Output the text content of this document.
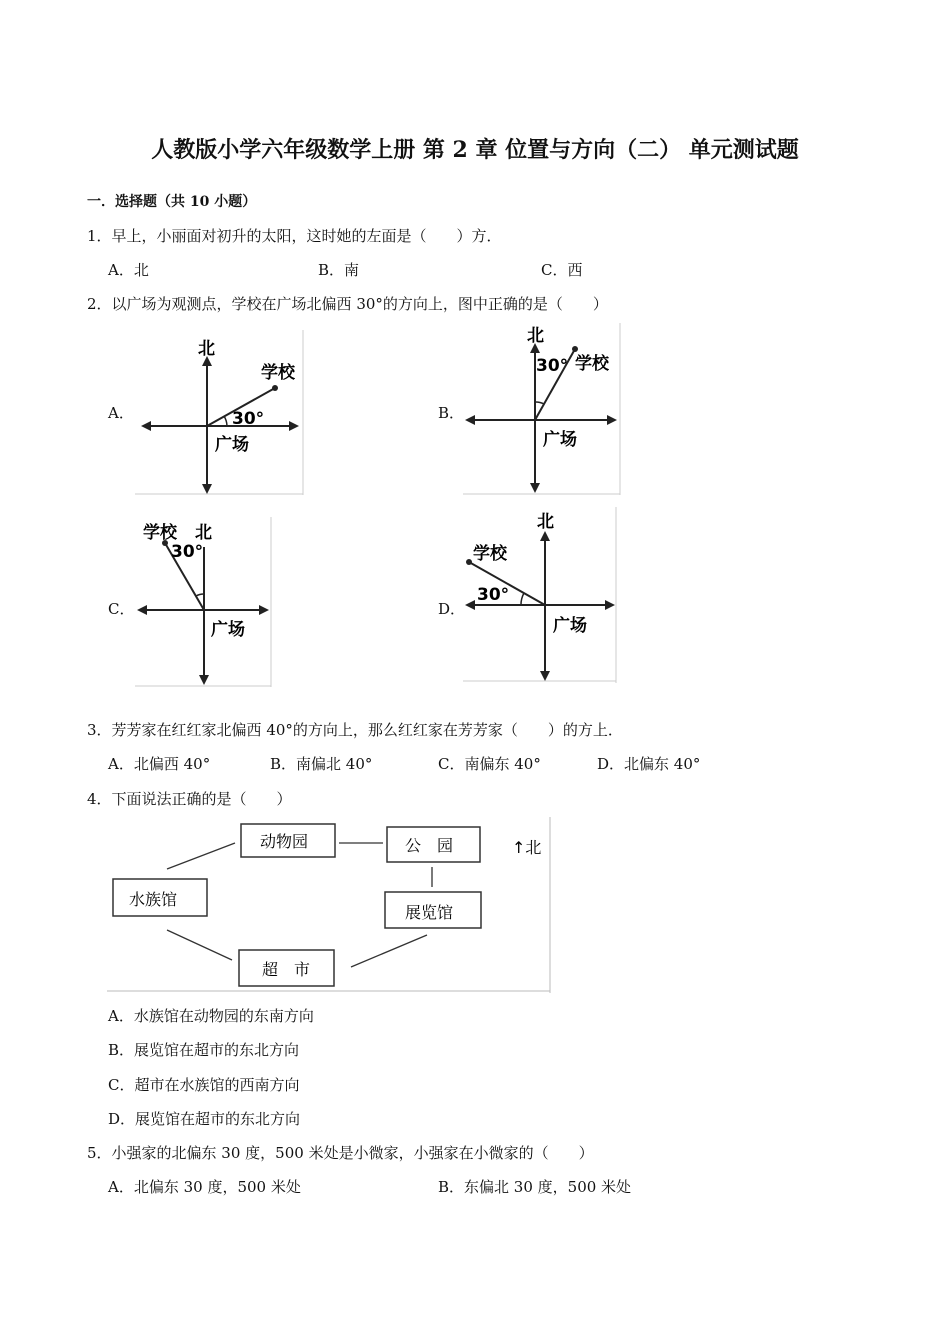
人教版小学六年级数学上册 第 2 章 位置与方向（二） 单元测试题
一．选择题（共 10 小题）
1．早上，小丽面对初升的太阳，这时她的左面是（　　）方．
A．北	B．南	C．西
2．以广场为观测点，学校在广场北偏西 30°的方向上，图中正确的是（　　）
A．	B．
C．	D．
北
学校
30°
广场
北
学校
30°
广场
学校 北
30°
广场
北
学校
30°
广场
3．芳芳家在红红家北偏西 40°的方向上，那么红红家在芳芳家（　　）的方上．
A．北偏西 40°	B．南偏北 40°	C．南偏东 40°	D．北偏东 40°
4．下面说法正确的是（　　）
动物园	公　园
水族馆
展览馆
超　市
↑北
A．水族馆在动物园的东南方向
B．展览馆在超市的东北方向
C．超市在水族馆的西南方向
D．展览馆在超市的东北方向
5．小强家的北偏东 30 度，500 米处是小微家，小强家在小微家的（　　）
A．北偏东 30 度，500 米处	B．东偏北 30 度，500 米处
